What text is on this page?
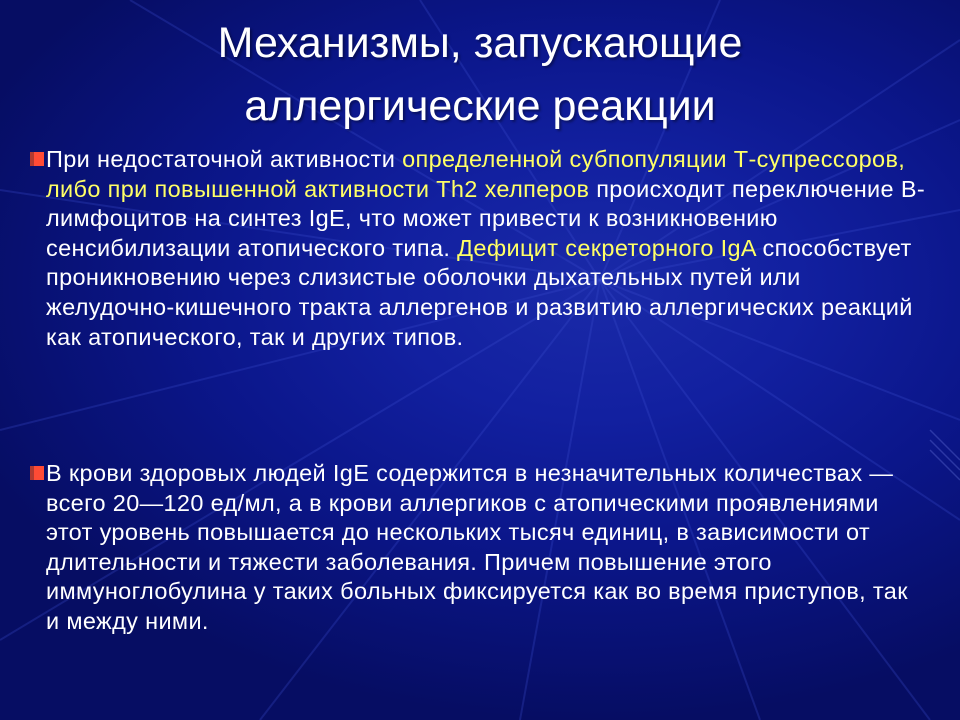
Механизмы, запускающие
аллергические реакции

При недостаточной активности определенной субпопуляции Т-супрессоров, либо при повышенной активности Th2 хелперов происходит переключение В-лимфоцитов на синтез IgE, что может привести к возникновению сенсибилизации атопического типа. Дефицит секреторного IgA способствует проникновению через слизистые оболочки дыхательных путей или желудочно-кишечного тракта аллергенов и развитию аллергических реакций как атопического, так и других типов.

В крови здоровых людей IgE содержится в незначительных количествах — всего 20—120 ед/мл, а в крови аллергиков с атопическими проявлениями этот уровень повышается до нескольких тысяч единиц, в зависимости от длительности и тяжести заболевания. Причем повышение этого иммуноглобулина у таких больных фиксируется как во время приступов, так и между ними.
